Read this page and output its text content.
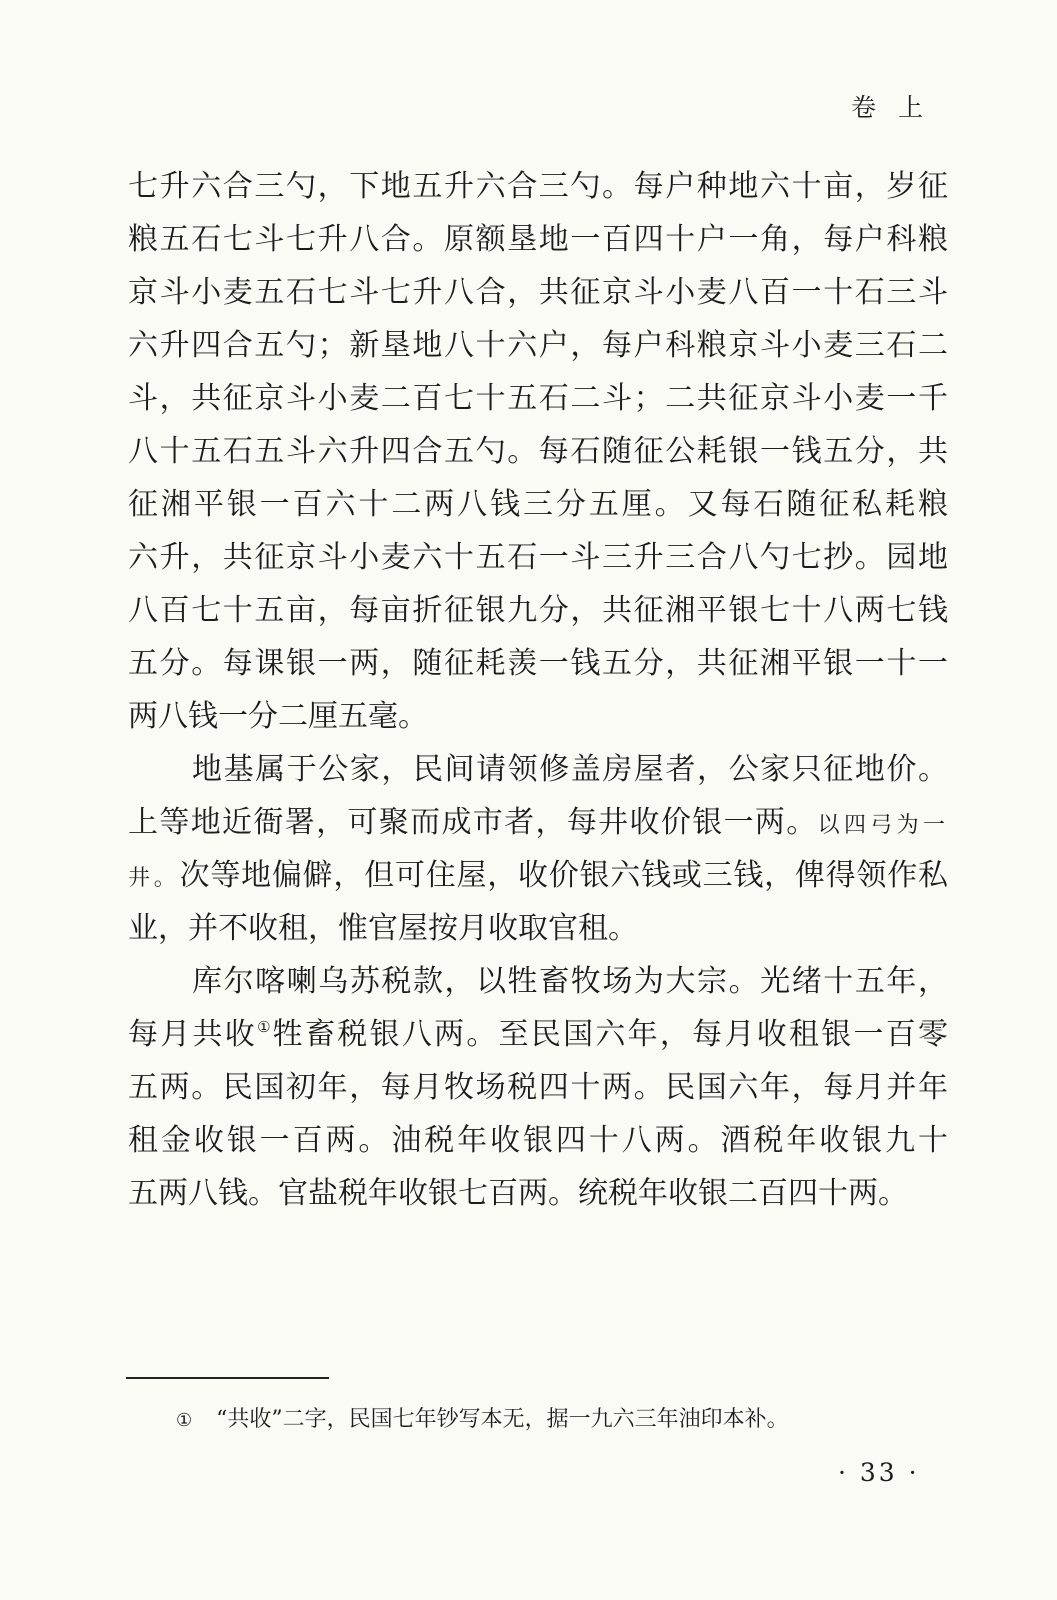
卷上
七升六合三勺，下地五升六合三勺。每户种地六十亩，岁征
粮五石七斗七升八合。原额垦地一百四十户一角，每户科粮
京斗小麦五石七斗七升八合，共征京斗小麦八百一十石三斗
六升四合五勺；新垦地八十六户，每户科粮京斗小麦三石二
斗，共征京斗小麦二百七十五石二斗；二共征京斗小麦一千
八十五石五斗六升四合五勺。每石随征公耗银一钱五分，共
征湘平银一百六十二两八钱三分五厘。又每石随征私耗粮
六升，共征京斗小麦六十五石一斗三升三合八勺七抄。园地
八百七十五亩，每亩折征银九分，共征湘平银七十八两七钱
五分。每课银一两，随征耗羡一钱五分，共征湘平银一十一
两八钱一分二厘五毫。
地基属于公家，民间请领修盖房屋者，公家只征地价。
上等地近衙署，可聚而成市者，每井收价银一两。以四弓为一
井。次等地偏僻，但可住屋，收价银六钱或三钱，俾得领作私
业，并不收租，惟官屋按月收取官租。
库尔喀喇乌苏税款，以牲畜牧场为大宗。光绪十五年，
每月共收①牲畜税银八两。至民国六年，每月收租银一百零
五两。民国初年，每月牧场税四十两。民国六年，每月并年
租金收银一百两。油税年收银四十八两。酒税年收银九十
五两八钱。官盐税年收银七百两。统税年收银二百四十两。
① “共收”二字，民国七年钞写本无，据一九六三年油印本补。
· 33 ·
